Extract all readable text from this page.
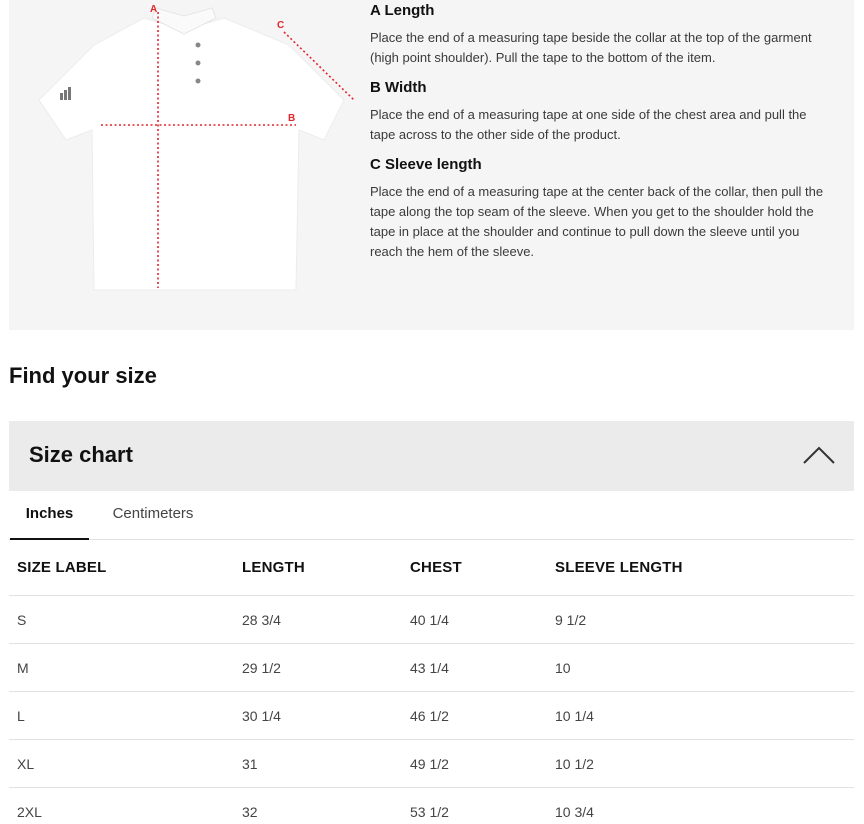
A
B
C
A Length

Place the end of a measuring tape beside the collar at the top of the garment (high point shoulder). Pull the tape to the bottom of the item.

B Width

Place the end of a measuring tape at one side of the chest area and pull the tape across to the other side of the product.

C Sleeve length

Place the end of a measuring tape at the center back of the collar, then pull the tape along the top seam of the sleeve. When you get to the shoulder hold the tape in place at the shoulder and continue to pull down the sleeve until you reach the hem of the sleeve.

Find your size
Size chart
Inches	Centimeters
SIZE LABEL	LENGTH	CHEST	SLEEVE LENGTH
S	28 3/4	40 1/4	9 1/2
M	29 1/2	43 1/4	10
L	30 1/4	46 1/2	10 1/4
XL	31	49 1/2	10 1/2
2XL	32	53 1/2	10 3/4
